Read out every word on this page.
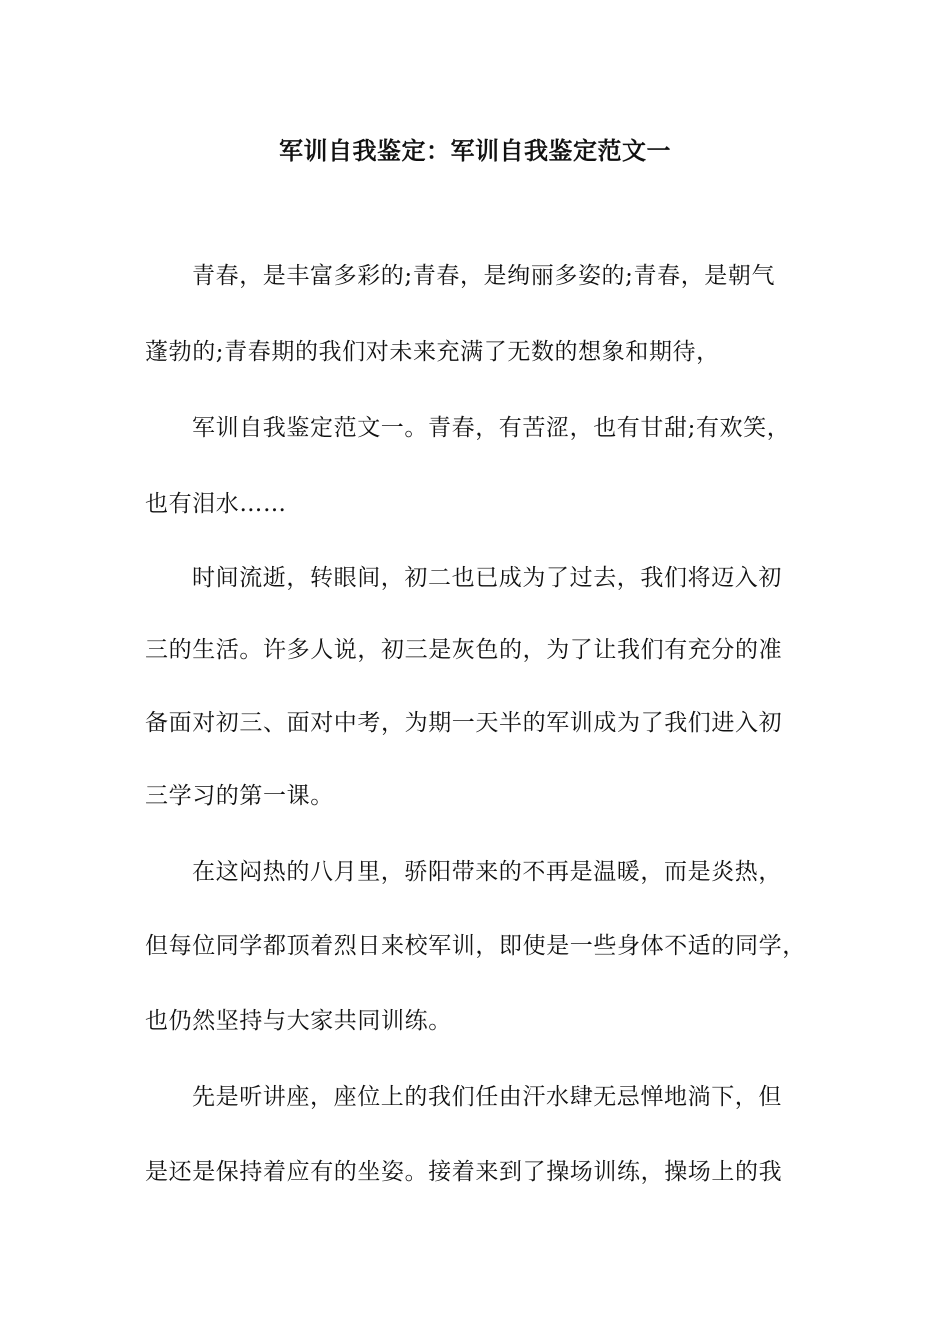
军训自我鉴定：军训自我鉴定范文一
青春，是丰富多彩的;青春，是绚丽多姿的;青春，是朝气
蓬勃的;青春期的我们对未来充满了无数的想象和期待，
军训自我鉴定范文一。青春，有苦涩，也有甘甜;有欢笑，
也有泪水……
时间流逝，转眼间，初二也已成为了过去，我们将迈入初
三的生活。许多人说，初三是灰色的，为了让我们有充分的准
备面对初三、面对中考，为期一天半的军训成为了我们进入初
三学习的第一课。
在这闷热的八月里，骄阳带来的不再是温暖，而是炎热，
但每位同学都顶着烈日来校军训，即使是一些身体不适的同学，
也仍然坚持与大家共同训练。
先是听讲座，座位上的我们任由汗水肆无忌惮地淌下，但
是还是保持着应有的坐姿。接着来到了操场训练，操场上的我
